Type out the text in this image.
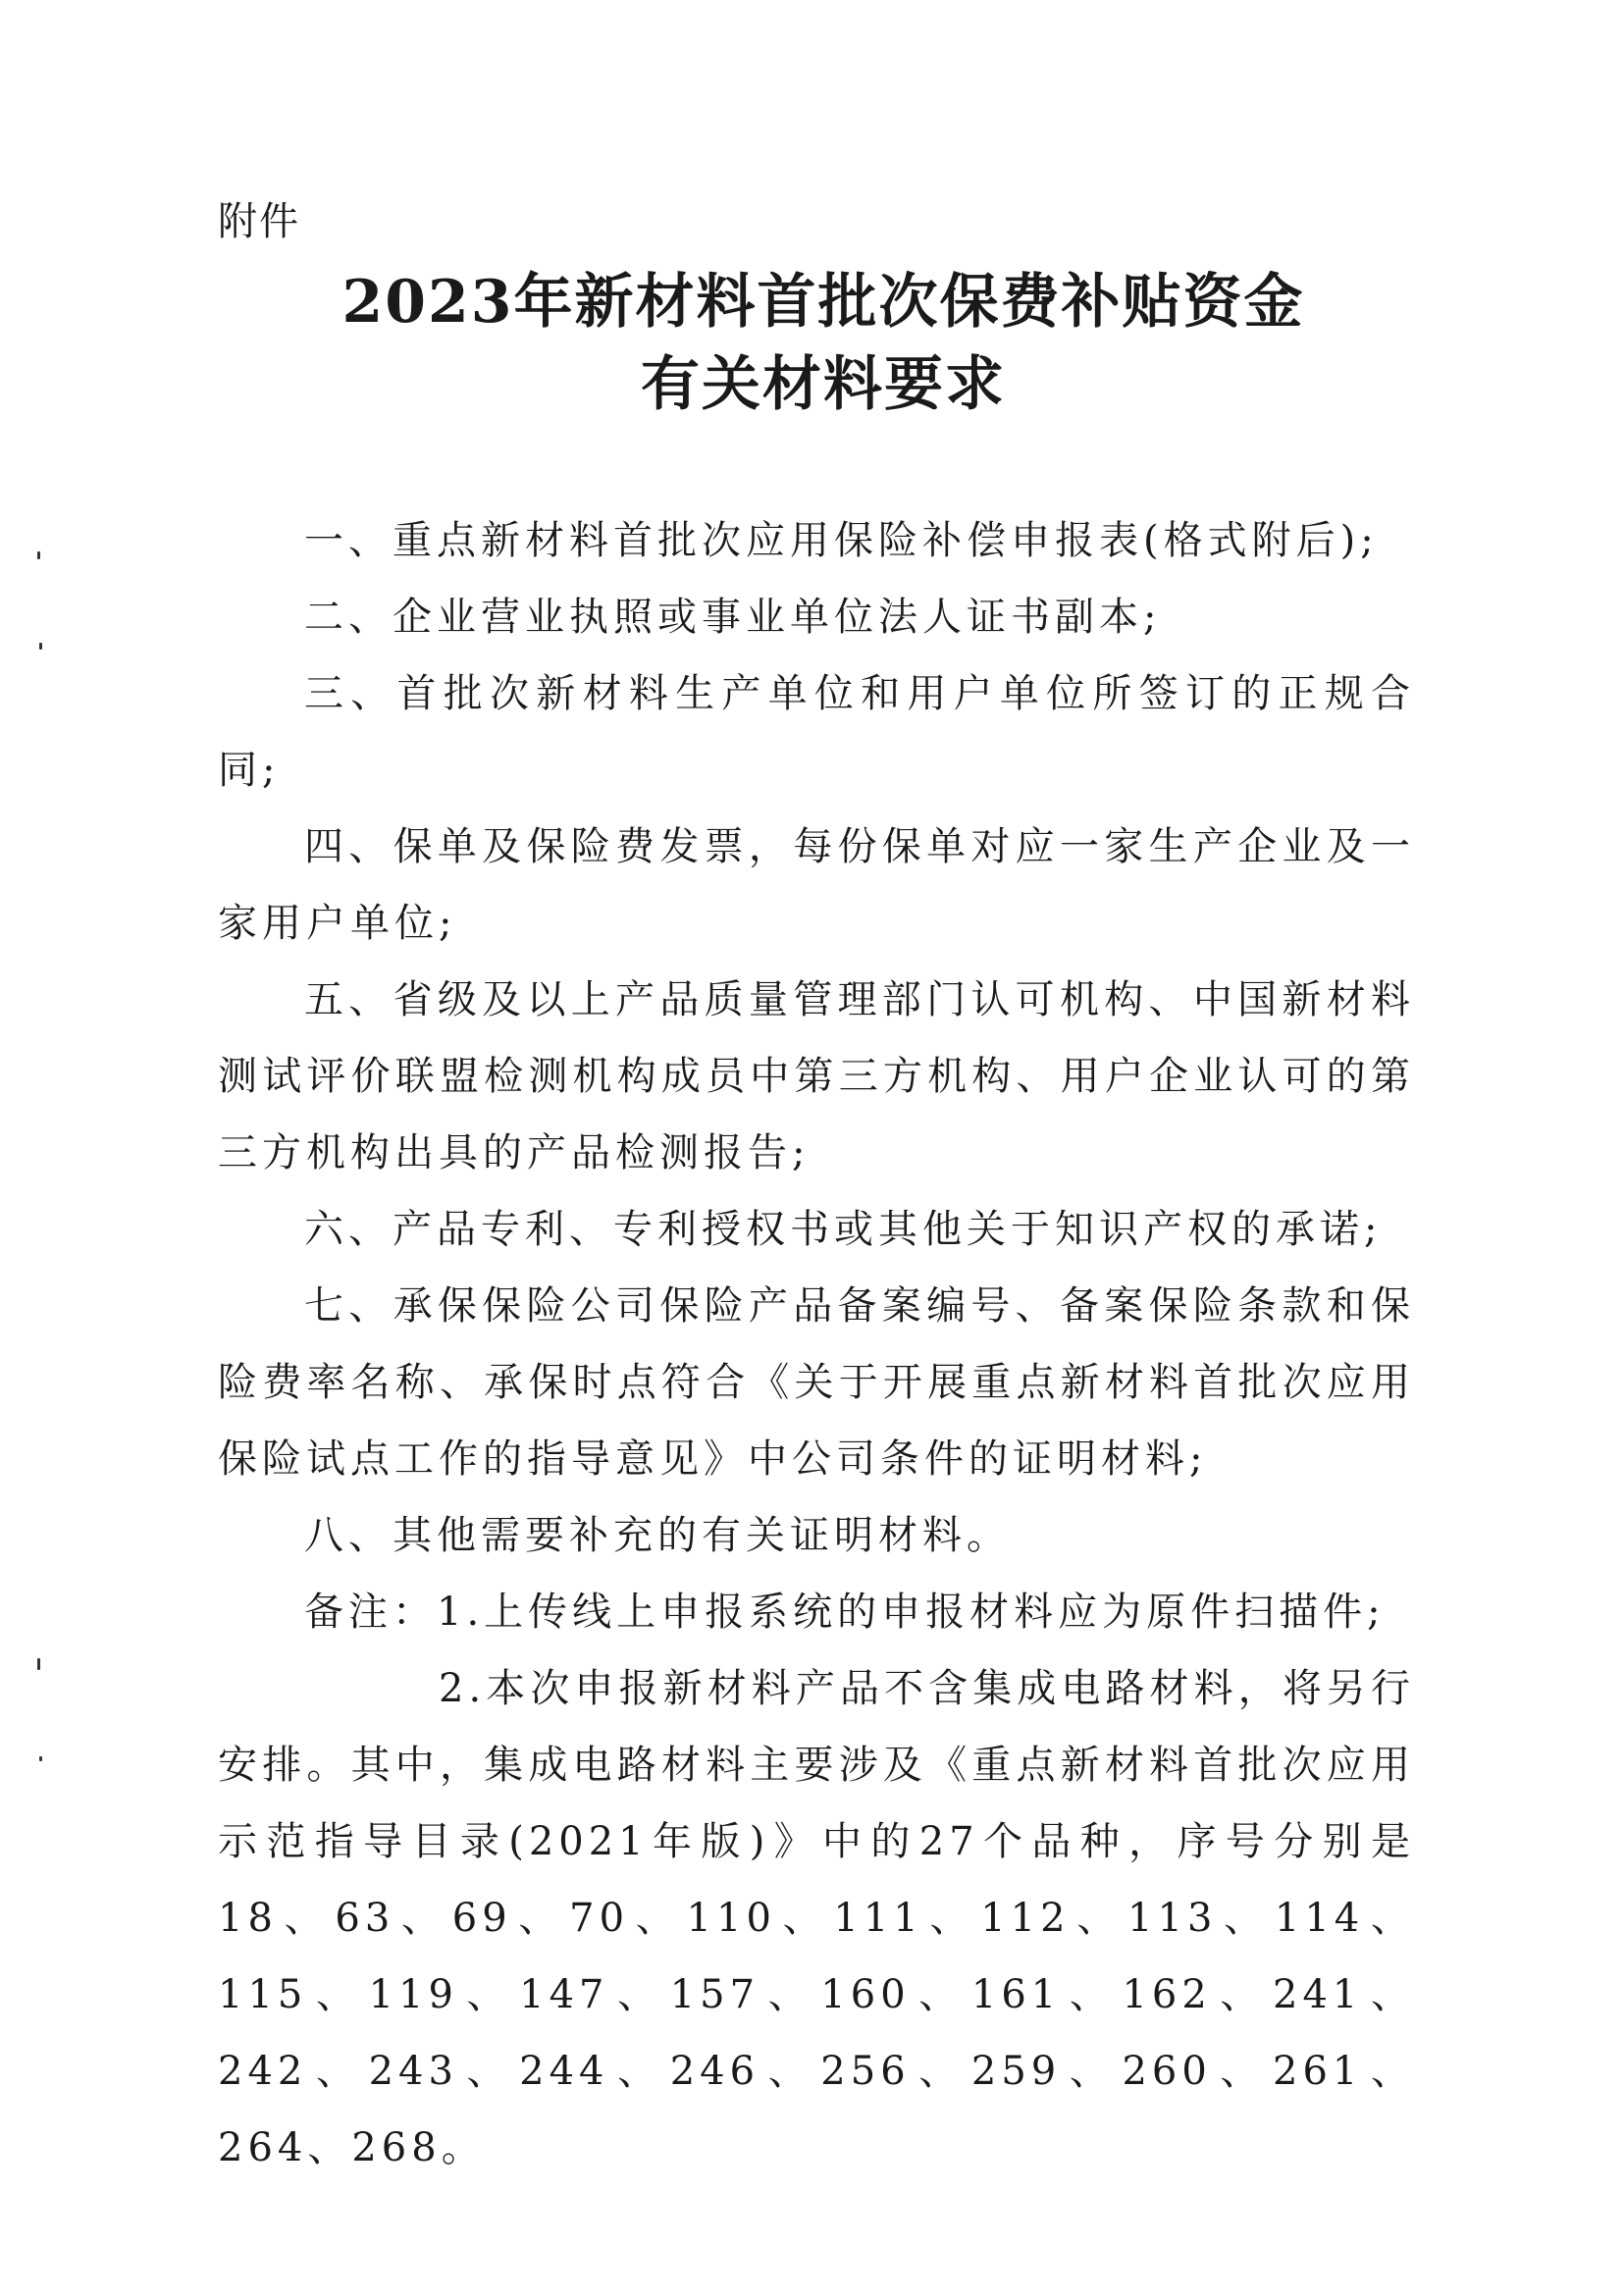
附件
2023年新材料首批次保费补贴资金
有关材料要求

一、重点新材料首批次应用保险补偿申报表(格式附后);

二、企业营业执照或事业单位法人证书副本;

三、首批次新材料生产单位和用户单位所签订的正规合同;

四、保单及保险费发票，每份保单对应一家生产企业及一家用户单位;

五、省级及以上产品质量管理部门认可机构、中国新材料测试评价联盟检测机构成员中第三方机构、用户企业认可的第三方机构出具的产品检测报告;

六、产品专利、专利授权书或其他关于知识产权的承诺;

七、承保保险公司保险产品备案编号、备案保险条款和保险费率名称、承保时点符合《关于开展重点新材料首批次应用保险试点工作的指导意见》中公司条件的证明材料;

八、其他需要补充的有关证明材料。

备注：1.上传线上申报系统的申报材料应为原件扫描件;

2.本次申报新材料产品不含集成电路材料，将另行安排。其中，集成电路材料主要涉及《重点新材料首批次应用示范指导目录(2021年版)》中的27个品种，序号分别是18、63、69、70、110、111、112、113、114、115、119、147、157、160、161、162、241、242、243、244、246、256、259、260、261、264、268。
